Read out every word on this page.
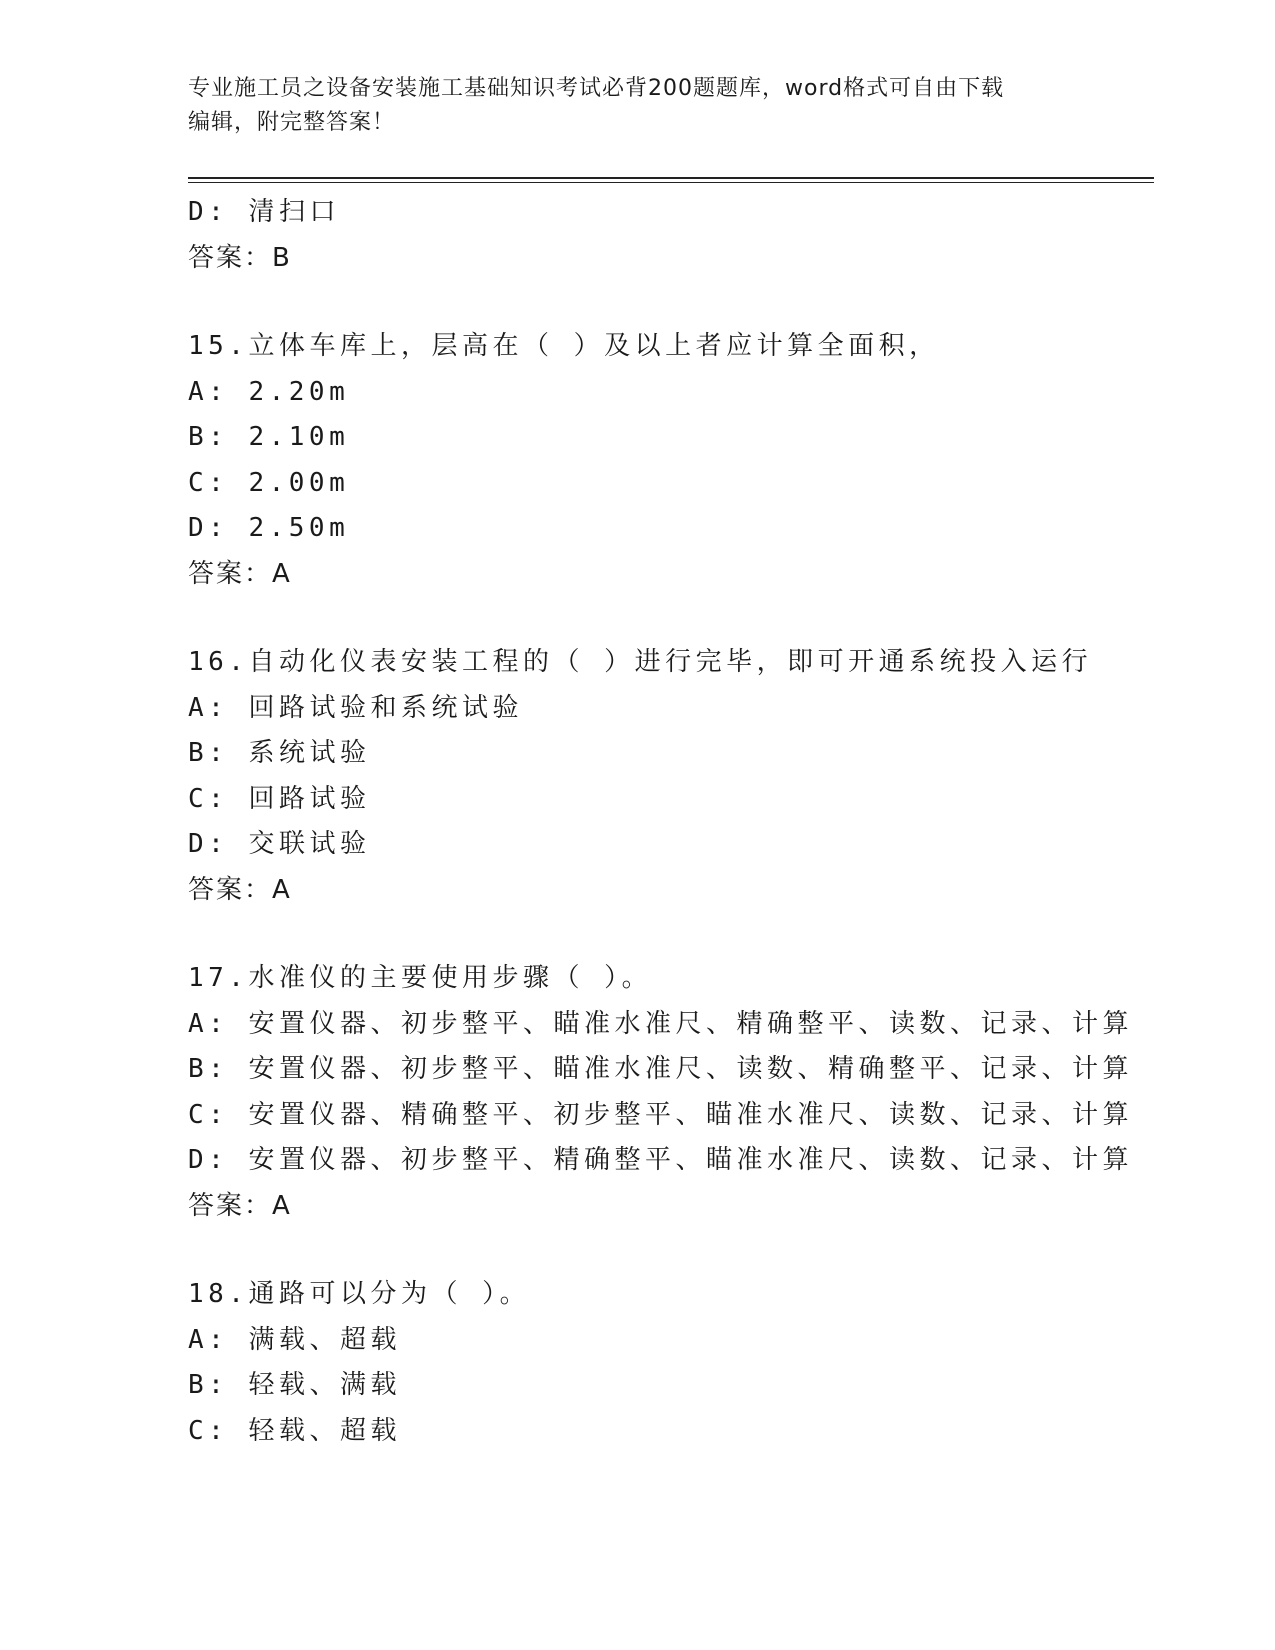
专业施工员之设备安装施工基础知识考试必背200题题库，word格式可自由下载
编辑，附完整答案！
D: 清扫口
答案：B
15.立体车库上，层高在（ ）及以上者应计算全面积，
A: 2.20m
B: 2.10m
C: 2.00m
D: 2.50m
答案：A
16.自动化仪表安装工程的（ ）进行完毕，即可开通系统投入运行
A: 回路试验和系统试验
B: 系统试验
C: 回路试验
D: 交联试验
答案：A
17.水准仪的主要使用步骤（ ）。
A: 安置仪器、初步整平、瞄准水准尺、精确整平、读数、记录、计算
B: 安置仪器、初步整平、瞄准水准尺、读数、精确整平、记录、计算
C: 安置仪器、精确整平、初步整平、瞄准水准尺、读数、记录、计算
D: 安置仪器、初步整平、精确整平、瞄准水准尺、读数、记录、计算
答案：A
18.通路可以分为（ ）。
A: 满载、超载
B: 轻载、满载
C: 轻载、超载
